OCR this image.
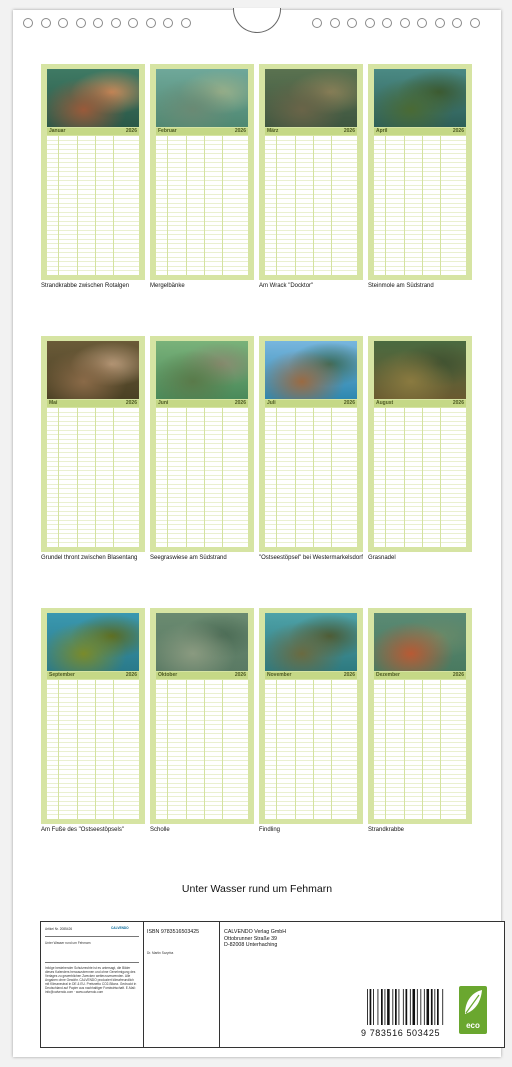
Januar	2026
Strandkrabbe zwischen Rotalgen
Februar	2026
Mergelbänke
März	2026
Am Wrack "Docktor"
April	2026
Steinmole am Südstrand
Mai	2026
Grundel thront zwischen Blasentang
Juni	2026
Seegraswiese am Südstrand
Juli	2026
"Ostseestöpsel" bei Westermarkelsdorf
August	2026
Grasnadel
September	2026
Am Fuße des "Ostseestöpsels"
Oktober	2026
Scholle
November	2026
Findling
Dezember	2026
Strandkrabbe
Unter Wasser rund um Fehmarn
Artikel Nr. 2085426	CALVENDO
Unter Wasser rund um Fehmarn
Infolge bestehender Schutzrechte ist es untersagt, die Bilder dieses Kalenders herauszutrennen und ohne Genehmigung des Verlages zu gewerblichen Zwecken weiterzuverwenden. Alle Angaben ohne Gewähr. CALVENDO produziert klimafreundlich mit Klimaneutral in DE & EU. Preisnetto CO2-Bilanz. Gedruckt in Deutschland auf Papier aus nachhaltiger Forstwirtschaft. E-Mail: info@calvendo.com · www.calvendo.com
ISBN 9783516503425
Dr. Martin Sczyrba
CALVENDO Verlag GmbH
Ottobrunner Straße 39
D-82008 Unterhaching
9 783516 503425
eco
